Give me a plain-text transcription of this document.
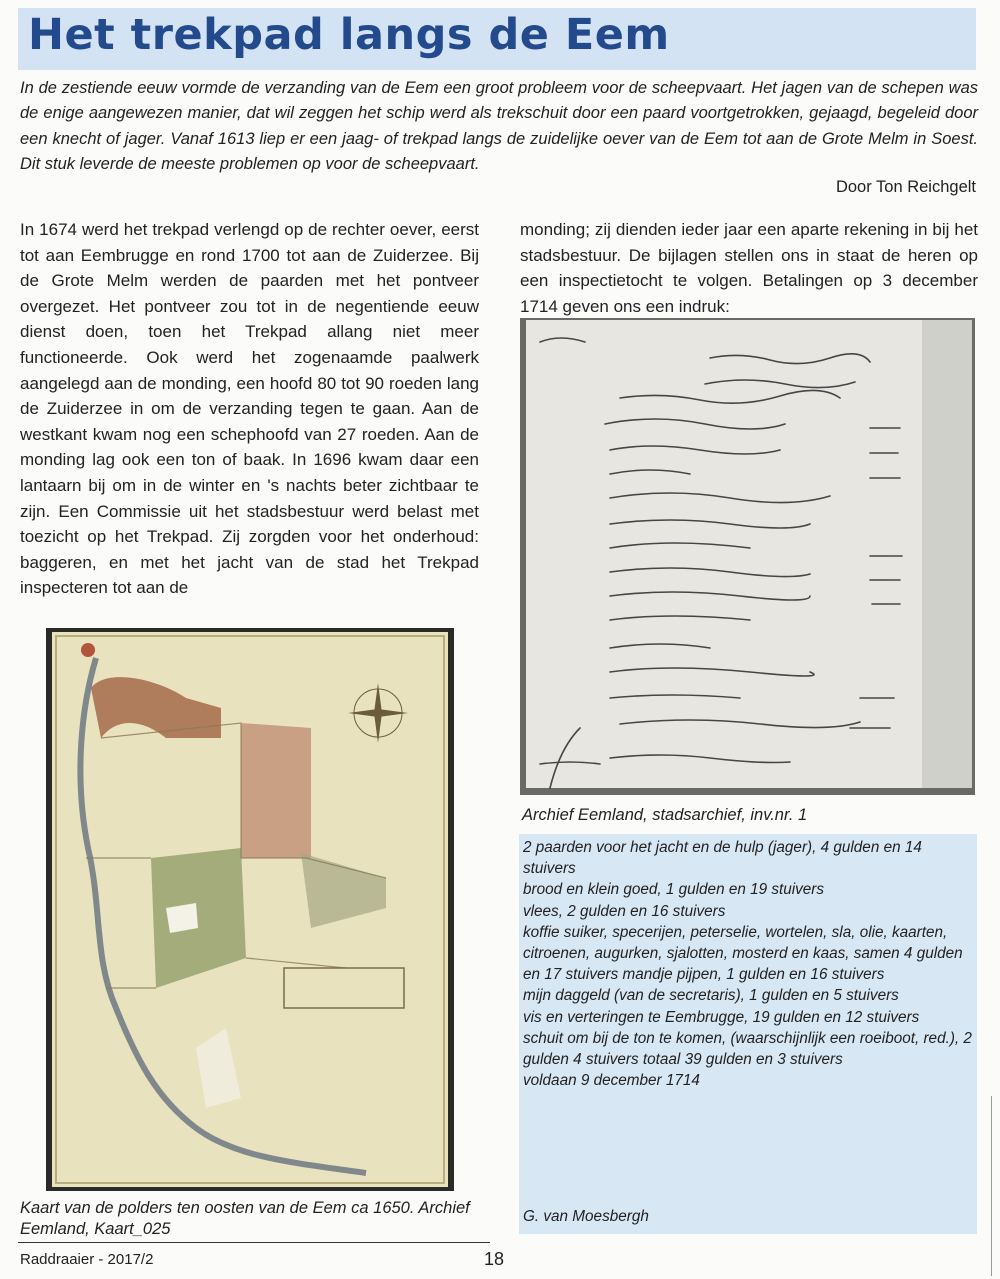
Het trekpad langs de Eem

In de zestiende eeuw vormde de verzanding van de Eem een groot probleem voor de scheepvaart. Het jagen van de schepen was de enige aangewezen manier, dat wil zeggen het schip werd als trekschuit door een paard voortgetrokken, gejaagd, begeleid door een knecht of jager. Vanaf 1613 liep er een jaag- of trekpad langs de zuidelijke oever van de Eem tot aan de Grote Melm in Soest. Dit stuk leverde de meeste problemen op voor de scheepvaart.

Door Ton Reichgelt

In 1674 werd het trekpad verlengd op de rechter oever, eerst tot aan Eembrugge en rond 1700 tot aan de Zuiderzee. Bij de Grote Melm werden de paarden met het pontveer overgezet. Het pontveer zou tot in de negentiende eeuw dienst doen, toen het Trekpad allang niet meer functioneerde. Ook werd het zogenaamde paalwerk aangelegd aan de monding, een hoofd 80 tot 90 roeden lang de Zuiderzee in om de verzanding tegen te gaan. Aan de westkant kwam nog een schephoofd van 27 roeden. Aan de monding lag ook een ton of baak. In 1696 kwam daar een lantaarn bij om in de winter en 's nachts beter zichtbaar te zijn. Een Commissie uit het stadsbestuur werd belast met toezicht op het Trekpad. Zij zorgden voor het onderhoud: baggeren, en met het jacht van de stad het Trekpad inspecteren tot aan de

monding; zij dienden ieder jaar een aparte rekening in bij het stadsbestuur. De bijlagen stellen ons in staat de heren op een inspectietocht te volgen. Betalingen op 3 december 1714 geven ons een indruk:

Kaart van de polders ten oosten van de Eem ca 1650. Archief Eemland, Kaart_025
Archief Eemland, stadsarchief, inv.nr. 1
2 paarden voor het jacht en de hulp (jager), 4 gulden en 14 stuivers
brood en klein goed, 1 gulden en 19 stuivers
vlees, 2 gulden en 16 stuivers
koffie suiker, specerijen, peterselie, wortelen, sla, olie, kaarten,
citroenen, augurken, sjalotten, mosterd en kaas, samen 4 gulden en 17 stuivers mandje pijpen, 1 gulden en 16 stuivers
mijn daggeld (van de secretaris), 1 gulden en 5 stuivers
vis en verteringen te Eembrugge, 19 gulden en 12 stuivers
schuit om bij de ton te komen, (waarschijnlijk een roeiboot, red.), 2 gulden 4 stuivers totaal 39 gulden en 3 stuivers
voldaan 9 december 1714
G. van Moesbergh
Raddraaier - 2017/2	18
